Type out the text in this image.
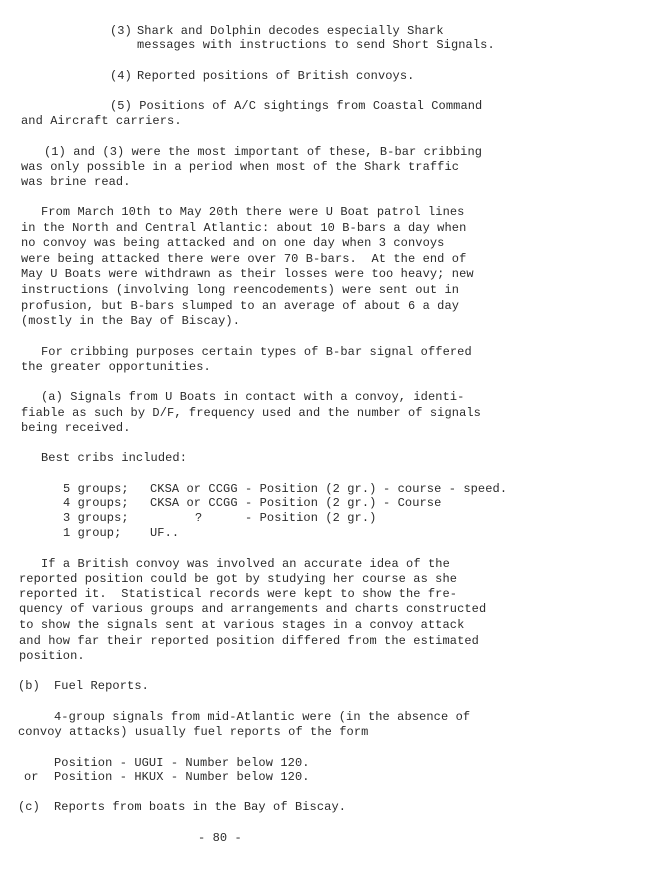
(3) Shark and Dolphin decodes especially Shark
messages with instructions to send Short Signals.
(4) Reported positions of British convoys.
(5) Positions of A/C sightings from Coastal Command
and Aircraft carriers.
(1) and (3) were the most important of these, B-bar cribbing
was only possible in a period when most of the Shark traffic
was brine read.
From March 10th to May 20th there were U Boat patrol lines
in the North and Central Atlantic: about 10 B-bars a day when
no convoy was being attacked and on one day when 3 convoys
were being attacked there were over 70 B-bars.  At the end of
May U Boats were withdrawn as their losses were too heavy; new
instructions (involving long reencodements) were sent out in
profusion, but B-bars slumped to an average of about 6 a day
(mostly in the Bay of Biscay).
For cribbing purposes certain types of B-bar signal offered
the greater opportunities.
(a) Signals from U Boats in contact with a convoy, identi-
fiable as such by D/F, frequency used and the number of signals
being received.
Best cribs included:
5 groups; CKSA or CCGG - Position (2 gr.) - course - speed.
4 groups; CKSA or CCGG - Position (2 gr.) - Course
3 groups;	?	- Position (2 gr.)
1 group; UF..
If a British convoy was involved an accurate idea of the
reported position could be got by studying her course as she
reported it.  Statistical records were kept to show the fre-
quency of various groups and arrangements and charts constructed
to show the signals sent at various stages in a convoy attack
and how far their reported position differed from the estimated
position.
(b) Fuel Reports.
4-group signals from mid-Atlantic were (in the absence of
convoy attacks) usually fuel reports of the form
Position - UGUI - Number below 120.
or Position - HKUX - Number below 120.
(c) Reports from boats in the Bay of Biscay.
- 80 -
